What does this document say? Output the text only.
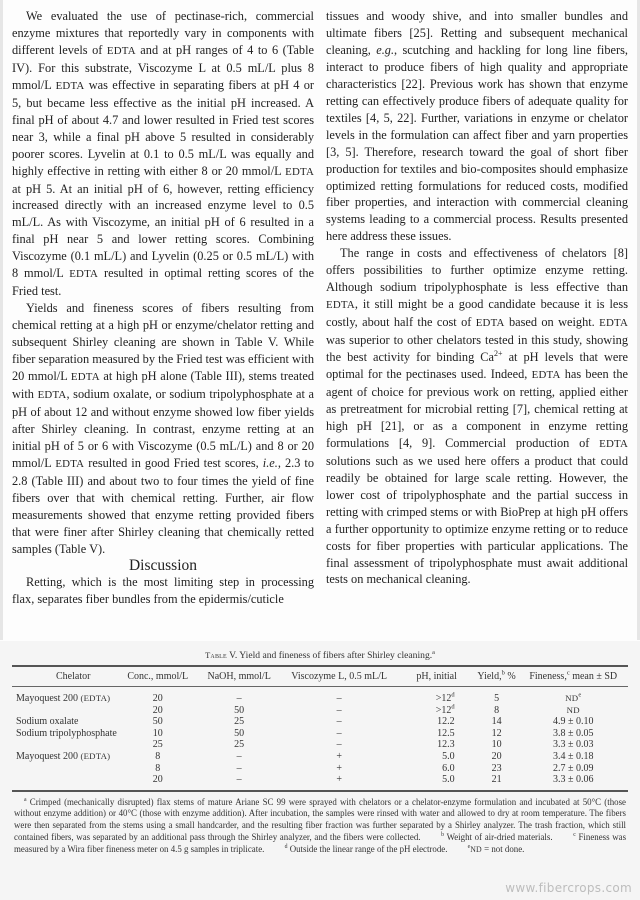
We evaluated the use of pectinase-rich, commercial enzyme mixtures that reportedly vary in components with different levels of EDTA and at pH ranges of 4 to 6 (Table IV). For this substrate, Viscozyme L at 0.5 mL/L plus 8 mmol/L EDTA was effective in separating fibers at pH 4 or 5, but became less effective as the initial pH increased. A final pH of about 4.7 and lower resulted in Fried test scores near 3, while a final pH above 5 resulted in considerably poorer scores. Lyvelin at 0.1 to 0.5 mL/L was equally and highly effective in retting with either 8 or 20 mmol/L EDTA at pH 5. At an initial pH of 6, however, retting efficiency increased directly with an increased enzyme level to 0.5 mL/L. As with Viscozyme, an initial pH of 6 resulted in a final pH near 5 and lower retting scores. Combining Viscozyme (0.1 mL/L) and Lyvelin (0.25 or 0.5 mL/L) with 8 mmol/L EDTA resulted in optimal retting scores of the Fried test.

Yields and fineness scores of fibers resulting from chemical retting at a high pH or enzyme/chelator retting and subsequent Shirley cleaning are shown in Table V. While fiber separation measured by the Fried test was efficient with 20 mmol/L EDTA at high pH alone (Table III), stems treated with EDTA, sodium oxalate, or sodium tripolyphosphate at a pH of about 12 and without enzyme showed low fiber yields after Shirley cleaning. In contrast, enzyme retting at an initial pH of 5 or 6 with Viscozyme (0.5 mL/L) and 8 or 20 mmol/L EDTA resulted in good Fried test scores, i.e., 2.3 to 2.8 (Table III) and about two to four times the yield of fine fibers over that with chemical retting. Further, air flow measurements showed that enzyme retting provided fibers that were finer after Shirley cleaning that chemically retted samples (Table V).

Discussion

Retting, which is the most limiting step in processing flax, separates fiber bundles from the epidermis/cuticle

tissues and woody shive, and into smaller bundles and ultimate fibers [25]. Retting and subsequent mechanical cleaning, e.g., scutching and hackling for long line fibers, interact to produce fibers of high quality and appropriate characteristics [22]. Previous work has shown that enzyme retting can effectively produce fibers of adequate quality for textiles [4, 5, 22]. Further, variations in enzyme or chelator levels in the formulation can affect fiber and yarn properties [3, 5]. Therefore, research toward the goal of short fiber production for textiles and bio-composites should emphasize optimized retting formulations for reduced costs, modified fiber properties, and interaction with commercial cleaning systems leading to a commercial process. Results presented here address these issues.

The range in costs and effectiveness of chelators [8] offers possibilities to further optimize enzyme retting. Although sodium tripolyphosphate is less effective than EDTA, it still might be a good candidate because it is less costly, about half the cost of EDTA based on weight. EDTA was superior to other chelators tested in this study, showing the best activity for binding $Ca^{2+}$ at pH levels that were optimal for the pectinases used. Indeed, EDTA has been the agent of choice for previous work on retting, applied either as pretreatment for microbial retting [7], chemical retting at high pH [21], or as a component in enzyme retting formulations [4, 9]. Commercial production of EDTA solutions such as we used here offers a product that could readily be obtained for large scale retting. However, the lower cost of tripolyphosphate and the partial success in retting with crimped stems or with BioPrep at high pH offers a further opportunity to optimize enzyme retting or to reduce costs for fiber properties with particular applications. The final assessment of tripolyphosphate must await additional tests on mechanical cleaning.

Table V. Yield and fineness of fibers after Shirley cleaning.$^a$
Chelator	Conc., mmol/L	NaOH, mmol/L	Viscozyme L, 0.5 mL/L	pH, initial	Yield,$^b$ %	Fineness,$^c$ mean ± SD

Mayoquest 200 (EDTA)	20	–	–	$>12^d$	5	$ND^e$
	20	50	–	$>12^d$	8	ND
Sodium oxalate	50	25	–	12.2	14	4.9 ± 0.10
Sodium tripolyphosphate	10	50	–	12.5	12	3.8 ± 0.05
	25	25	–	12.3	10	3.3 ± 0.03
Mayoquest 200 (EDTA)	8	–	+	5.0	20	3.4 ± 0.18
	8	–	+	6.0	23	2.7 ± 0.09
	20	–	+	5.0	21	3.3 ± 0.06
$^a$ Crimped (mechanically disrupted) flax stems of mature Ariane SC 99 were sprayed with chelators or a chelator-enzyme formulation and incubated at 50°C (those without enzyme addition) or 40°C (those with enzyme addition). After incubation, the samples were rinsed with water and allowed to dry at room temperature. The fibers were then separated from the stems using a small handcarder, and the resulting fiber fraction was further separated by a Shirley analyzer. The trash fraction, which still contained fibers, was separated by an additional pass through the Shirley analyzer, and the fibers were collected.	$^b$ Weight of air-dried materials.	$^c$ Fineness was measured by a Wira fiber fineness meter on 4.5 g samples in triplicate.	$^d$ Outside the linear range of the pH electrode.	$^e$ND = not done.
www.fibercrops.com
